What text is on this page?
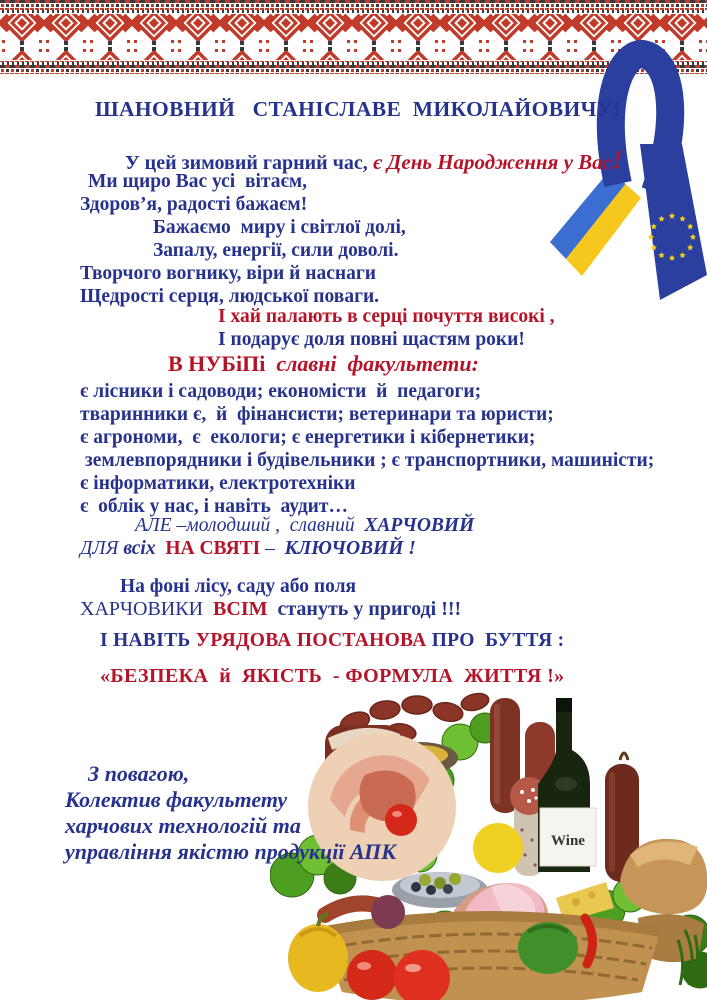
Wine
ШАНОВНИЙ   СТАНІСЛАВЕ  МИКОЛАЙОВИЧУ!
У цей зимовий гарний час, є День Народження у Вас!
Ми щиро Вас усі  вітаєм,
Здоров’я, радості бажаєм!
Бажаємо  миру і світлої долі,
Запалу, енергії, сили доволі.
Творчого вогнику, віри й наснаги
Щедрості серця, людської поваги.
І хай палають в серці почуття високі ,
І подарує доля повні щастям роки!
В НУБіПі  славні  факультети:
є лісники і садоводи; економісти  й  педагоги;
тваринники є,  й  фінансисти; ветеринари та юристи;
є агрономи,  є  екологи; є енергетики і кібернетики;
землевпорядники і будівельники ; є транспортники, машиністи;
є інформатики, електротехніки
є  облік у нас, і навіть  аудит…
АЛЕ –молодший ,  славний  ХАРЧОВИЙ
ДЛЯ всіх  НА СВЯТІ –  КЛЮЧОВИЙ !
На фоні лісу, саду або поля
ХАРЧОВИКИ  ВСІМ  стануть у пригоді !!!
І НАВІТЬ УРЯДОВА ПОСТАНОВА ПРО  БУТТЯ :
«БЕЗПЕКА  й  ЯКІСТЬ  - ФОРМУЛА  ЖИТТЯ !»
З повагою,
Колектив факультету
харчових технологій та
управління якістю продукції АПК
